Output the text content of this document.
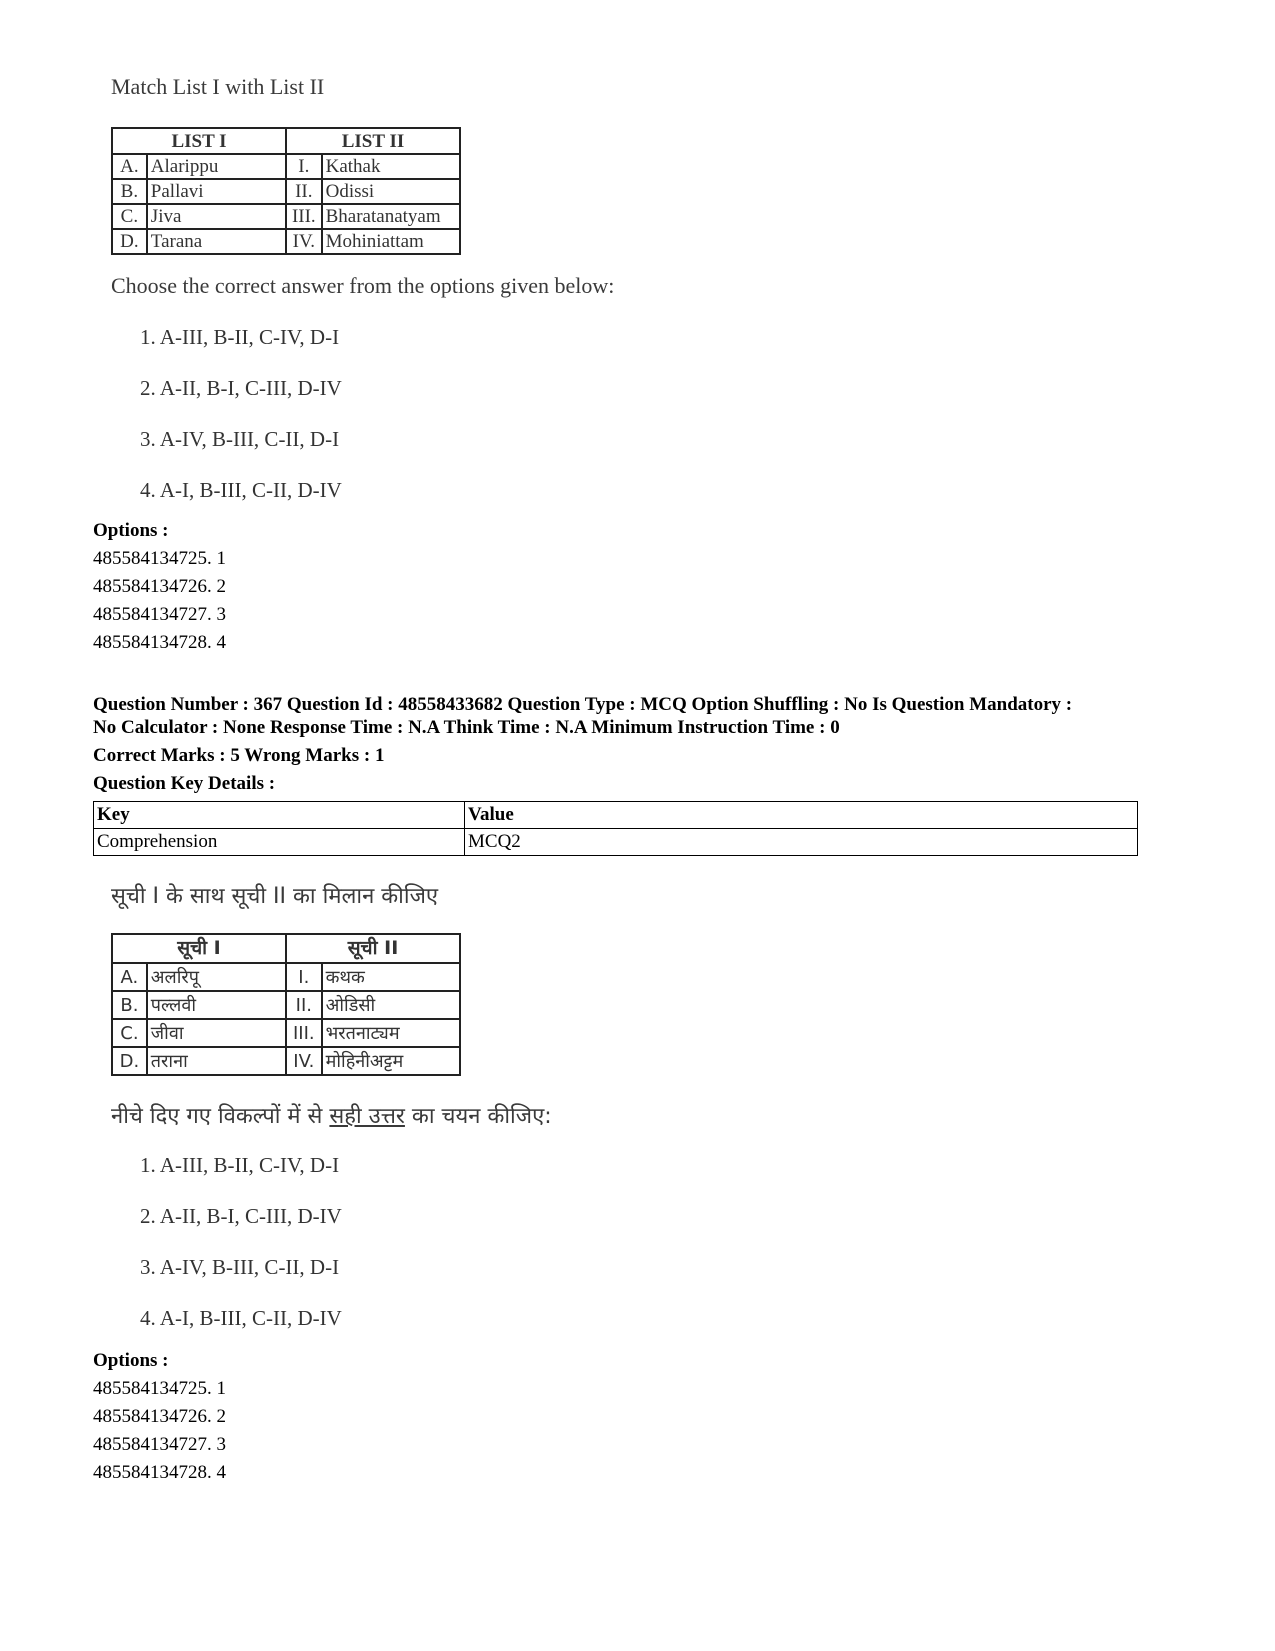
Match List I with List II
LIST I		LIST II	
A.	Alarippu	I.	Kathak
B.	Pallavi	II.	Odissi
C.	Jiva	III.	Bharatanatyam
D.	Tarana	IV.	Mohiniattam
Choose the correct answer from the options given below:
1. A-III, B-II, C-IV, D-I
2. A-II, B-I, C-III, D-IV
3. A-IV, B-III, C-II, D-I
4. A-I, B-III, C-II, D-IV
Options :
485584134725. 1
485584134726. 2
485584134727. 3
485584134728. 4
Question Number : 367 Question Id : 48558433682 Question Type : MCQ Option Shuffling : No Is Question Mandatory :
No Calculator : None Response Time : N.A Think Time : N.A Minimum Instruction Time : 0
Correct Marks : 5 Wrong Marks : 1
Question Key Details :
Key	Value
Comprehension	MCQ2
सूची I के साथ सूची II का मिलान कीजिए
सूची I		सूची II	
A.	अलरिपू	I.	कथक
B.	पल्लवी	II.	ओडिसी
C.	जीवा	III.	भरतनाट्यम
D.	तराना	IV.	मोहिनीअट्टम
नीचे दिए गए विकल्पों में से सही उत्तर का चयन कीजिए:
1. A-III, B-II, C-IV, D-I
2. A-II, B-I, C-III, D-IV
3. A-IV, B-III, C-II, D-I
4. A-I, B-III, C-II, D-IV
Options :
485584134725. 1
485584134726. 2
485584134727. 3
485584134728. 4
